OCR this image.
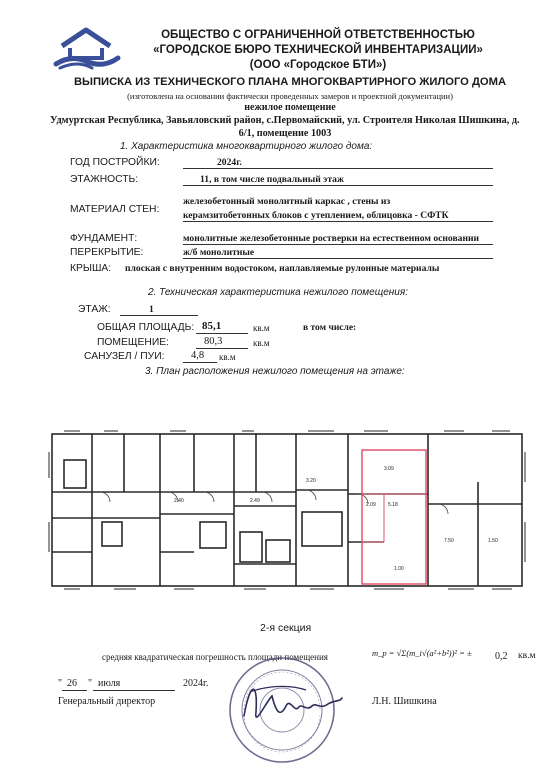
ОБЩЕСТВО С ОГРАНИЧЕННОЙ ОТВЕТСТВЕННОСТЬЮ
«ГОРОДСКОЕ БЮРО ТЕХНИЧЕСКОЙ ИНВЕНТАРИЗАЦИИ»
(ООО «Городское БТИ»)
ВЫПИСКА ИЗ ТЕХНИЧЕСКОГО ПЛАНА МНОГОКВАРТИРНОГО ЖИЛОГО ДОМА
(изготовлена на основании фактически проведенных замеров и проектной документации)
нежилое помещение
Удмуртская Республика, Завьяловский район, с.Первомайский, ул. Строителя Николая Шишкина, д.
6/1, помещение 1003
1. Характеристика многоквартирного жилого дома:
ГОД ПОСТРОЙКИ:	2024г.
ЭТАЖНОСТЬ:	11, в том числе подвальный этаж
МАТЕРИАЛ СТЕН:
железобетонный монолитный каркас , стены из
керамзитобетонных блоков с утеплением, облицовка - СФТК
ФУНДАМЕНТ:	монолитные железобетонные ростверки на естественном основании
ПЕРЕКРЫТИЕ:	ж/б монолитные
КРЫША: плоская с внутренним водостоком, наплавляемые рулонные материалы
2. Техническая характеристика нежилого помещения:
ЭТАЖ:	1
ОБЩАЯ ПЛОЩАДЬ: 85,1	кв.м	в том числе:
ПОМЕЩЕНИЕ:	80,3	кв.м
САНУЗЕЛ / ПУИ:	4,8 кв.м
3. План расположения нежилого помещения на этаже:
3.09
2.09 5.18
1.00
2.49
2.40
3.20
7.50	1.50
2-я секция
средняя квадратическая погрешность площади помещения	m_p = √Σ(m_i√(a²+b²))² = ± 0,2 кв.м
" 26 " июля	2024г.
Генеральный директор	Л.Н. Шишкина
